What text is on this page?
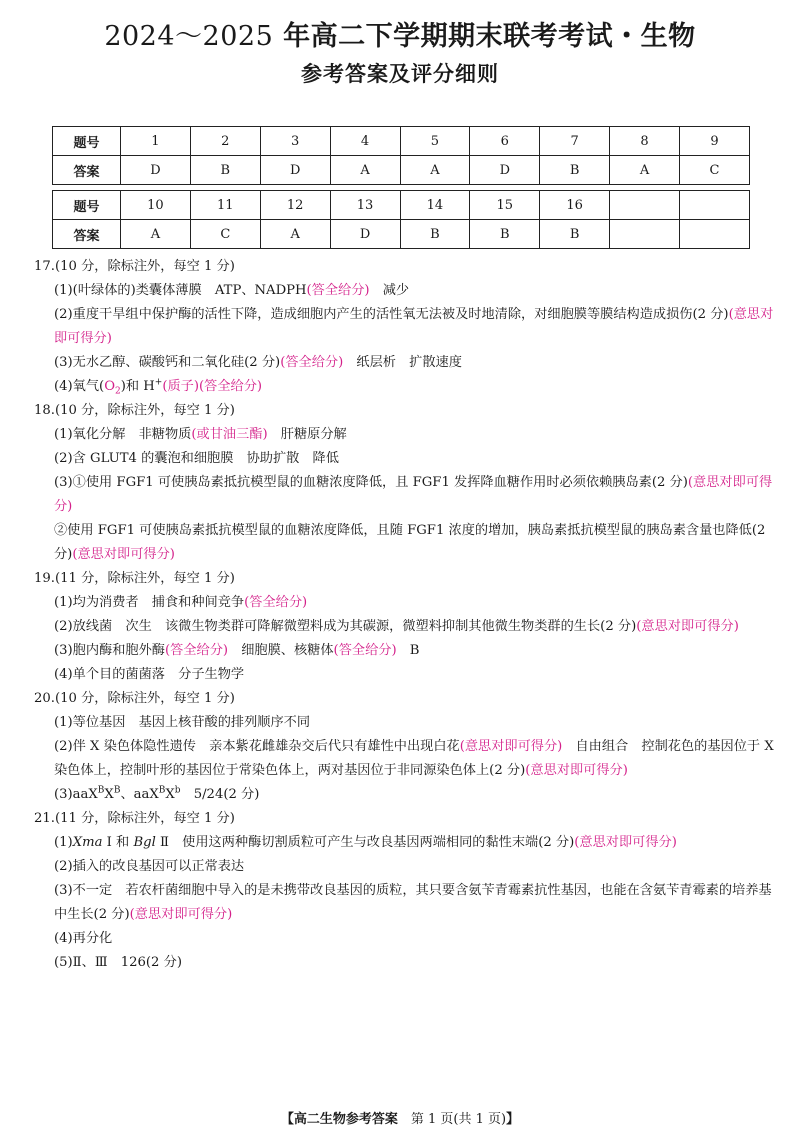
2024～2025 年高二下学期期末联考考试・生物
参考答案及评分细则
题号	1	2	3	4	5	6	7	8	9
答案	D	B	D	A	A	D	B	A	C
题号	10	11	12	13	14	15	16		
答案	A	C	A	D	B	B	B		
17.(10 分，除标注外，每空 1 分)
(1)(叶绿体的)类囊体薄膜　ATP、NADPH(答全给分)　减少
(2)重度干旱组中保护酶的活性下降，造成细胞内产生的活性氧无法被及时地清除，对细胞膜等膜结构造成损伤(2 分)(意思对即可得分)
(3)无水乙醇、碳酸钙和二氧化硅(2 分)(答全给分)　纸层析　扩散速度
(4)氧气$(O_2)$和 H+(质子)(答全给分)
18.(10 分，除标注外，每空 1 分)
(1)氧化分解　非糖物质(或甘油三酯)　肝糖原分解
(2)含 GLUT4 的囊泡和细胞膜　协助扩散　降低
(3)①使用 FGF1 可使胰岛素抵抗模型鼠的血糖浓度降低，且 FGF1 发挥降血糖作用时必须依赖胰岛素(2 分)(意思对即可得分)
②使用 FGF1 可使胰岛素抵抗模型鼠的血糖浓度降低，且随 FGF1 浓度的增加，胰岛素抵抗模型鼠的胰岛素含量也降低(2 分)(意思对即可得分)
19.(11 分，除标注外，每空 1 分)
(1)均为消费者　捕食和种间竞争(答全给分)
(2)放线菌　次生　该微生物类群可降解微塑料成为其碳源，微塑料抑制其他微生物类群的生长(2 分)(意思对即可得分)
(3)胞内酶和胞外酶(答全给分)　细胞膜、核糖体(答全给分)　B
(4)单个目的菌菌落　分子生物学
20.(10 分，除标注外，每空 1 分)
(1)等位基因　基因上核苷酸的排列顺序不同
(2)伴 X 染色体隐性遗传　亲本紫花雌雄杂交后代只有雄性中出现白花(意思对即可得分)　自由组合　控制花色的基因位于 X 染色体上，控制叶形的基因位于常染色体上，两对基因位于非同源染色体上(2 分)(意思对即可得分)
$(3)aaX^BX^B$、$aaX^BX^b$　5/24(2 分)
21.(11 分，除标注外，每空 1 分)
(1)Xma Ⅰ 和 Bgl Ⅱ　使用这两种酶切割质粒可产生与改良基因两端相同的黏性末端(2 分)(意思对即可得分)
(2)插入的改良基因可以正常表达
(3)不一定　若农杆菌细胞中导入的是未携带改良基因的质粒，其只要含氨苄青霉素抗性基因，也能在含氨苄青霉素的培养基中生长(2 分)(意思对即可得分)
(4)再分化
(5)Ⅱ、Ⅲ　126(2 分)
【高二生物参考答案　第 1 页(共 1 页)】
